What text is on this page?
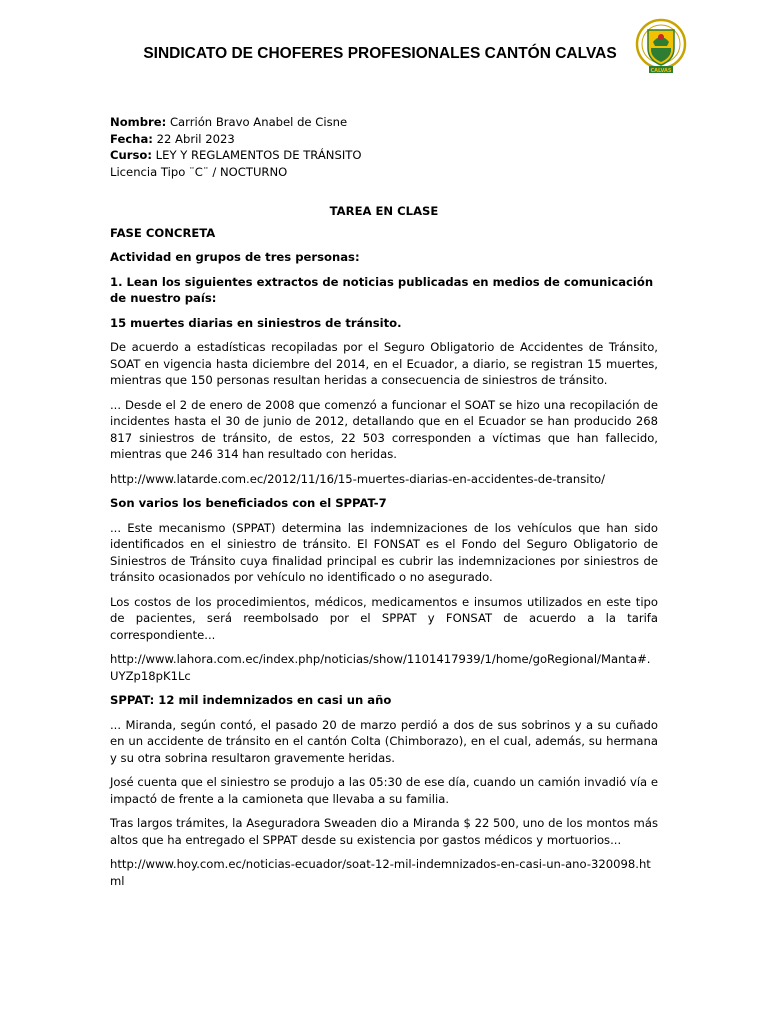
SINDICATO DE CHOFERES PROFESIONALES CANTÓN CALVAS
CALVAS

Nombre: Carrión Bravo Anabel de Cisne

Fecha: 22 Abril 2023

Curso: LEY Y REGLAMENTOS DE TRÁNSITO

Licencia Tipo ¨C¨ / NOCTURNO

TAREA EN CLASE

FASE CONCRETA

Actividad en grupos de tres personas:

1. Lean los siguientes extractos de noticias publicadas en medios de comunicación de nuestro país:

15 muertes diarias en siniestros de tránsito.

De acuerdo a estadísticas recopiladas por el Seguro Obligatorio de Accidentes de Tránsito, SOAT en vigencia hasta diciembre del 2014, en el Ecuador, a diario, se registran 15 muertes, mientras que 150 personas resultan heridas a consecuencia de siniestros de tránsito.

... Desde el 2 de enero de 2008 que comenzó a funcionar el SOAT se hizo una recopilación de incidentes hasta el 30 de junio de 2012, detallando que en el Ecuador se han producido 268 817 siniestros de tránsito, de estos, 22 503 corresponden a víctimas que han fallecido, mientras que 246 314 han resultado con heridas.

http://www.latarde.com.ec/2012/11/16/15-muertes-diarias-en-accidentes-de-transito/

Son varios los beneficiados con el SPPAT-7

... Este mecanismo (SPPAT) determina las indemnizaciones de los vehículos que han sido identificados en el siniestro de tránsito. El FONSAT es el Fondo del Seguro Obligatorio de Siniestros de Tránsito cuya finalidad principal es cubrir las indemnizaciones por siniestros de tránsito ocasionados por vehículo no identificado o no asegurado.

Los costos de los procedimientos, médicos, medicamentos e insumos utilizados en este tipo de pacientes, será reembolsado por el SPPAT y FONSAT de acuerdo a la tarifa correspondiente...

http://www.lahora.com.ec/index.php/noticias/show/1101417939/1/home/goRegional/Manta#.UYZp18pK1Lc

SPPAT: 12 mil indemnizados en casi un año

... Miranda, según contó, el pasado 20 de marzo perdió a dos de sus sobrinos y a su cuñado en un accidente de tránsito en el cantón Colta (Chimborazo), en el cual, además, su hermana y su otra sobrina resultaron gravemente heridas.

José cuenta que el siniestro se produjo a las 05:30 de ese día, cuando un camión invadió vía e impactó de frente a la camioneta que llevaba a su familia.

Tras largos trámites, la Aseguradora Sweaden dio a Miranda $ 22 500, uno de los montos más altos que ha entregado el SPPAT desde su existencia por gastos médicos y mortuorios...

http://www.hoy.com.ec/noticias-ecuador/soat-12-mil-indemnizados-en-casi-un-ano-320098.html
